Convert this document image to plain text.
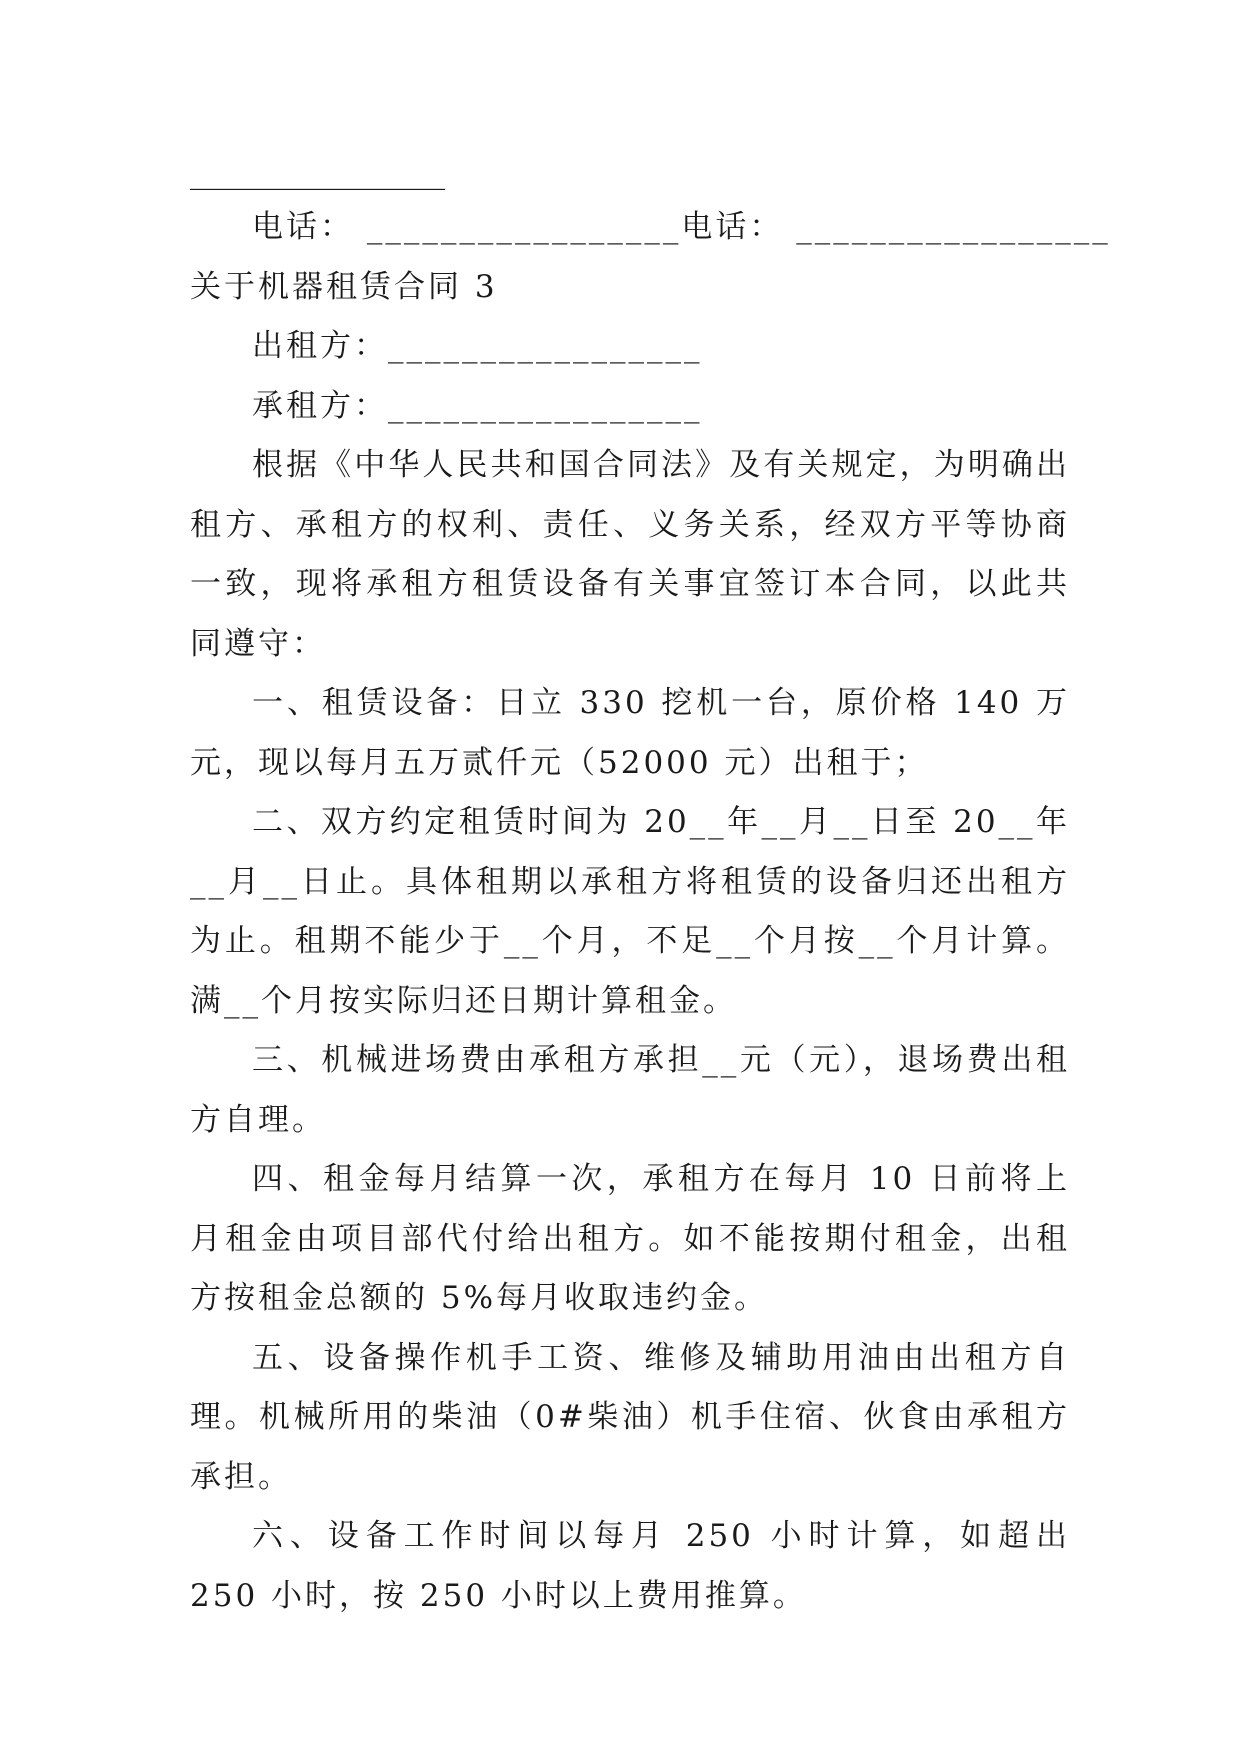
_________________

电话： _________________电话： _________________

关于机器租赁合同 3

出租方：_________________

承租方：_________________

根据《中华人民共和国合同法》及有关规定，为明确出租方、承租方的权利、责任、义务关系，经双方平等协商一致，现将承租方租赁设备有关事宜签订本合同，以此共同遵守：

一、租赁设备：日立 330 挖机一台，原价格 140 万元，现以每月五万贰仟元（52000 元）出租于；

二、双方约定租赁时间为 20__年__月__日至 20__年__月__日止。具体租期以承租方将租赁的设备归还出租方为止。租期不能少于__个月，不足__个月按__个月计算。满__个月按实际归还日期计算租金。

三、机械进场费由承租方承担__元（元），退场费出租方自理。

四、租金每月结算一次，承租方在每月 10 日前将上月租金由项目部代付给出租方。如不能按期付租金，出租方按租金总额的 5%每月收取违约金。

五、设备操作机手工资、维修及辅助用油由出租方自理。机械所用的柴油（0#柴油）机手住宿、伙食由承租方承担。

六、设备工作时间以每月 250 小时计算，如超出 250 小时，按 250 小时以上费用推算。
